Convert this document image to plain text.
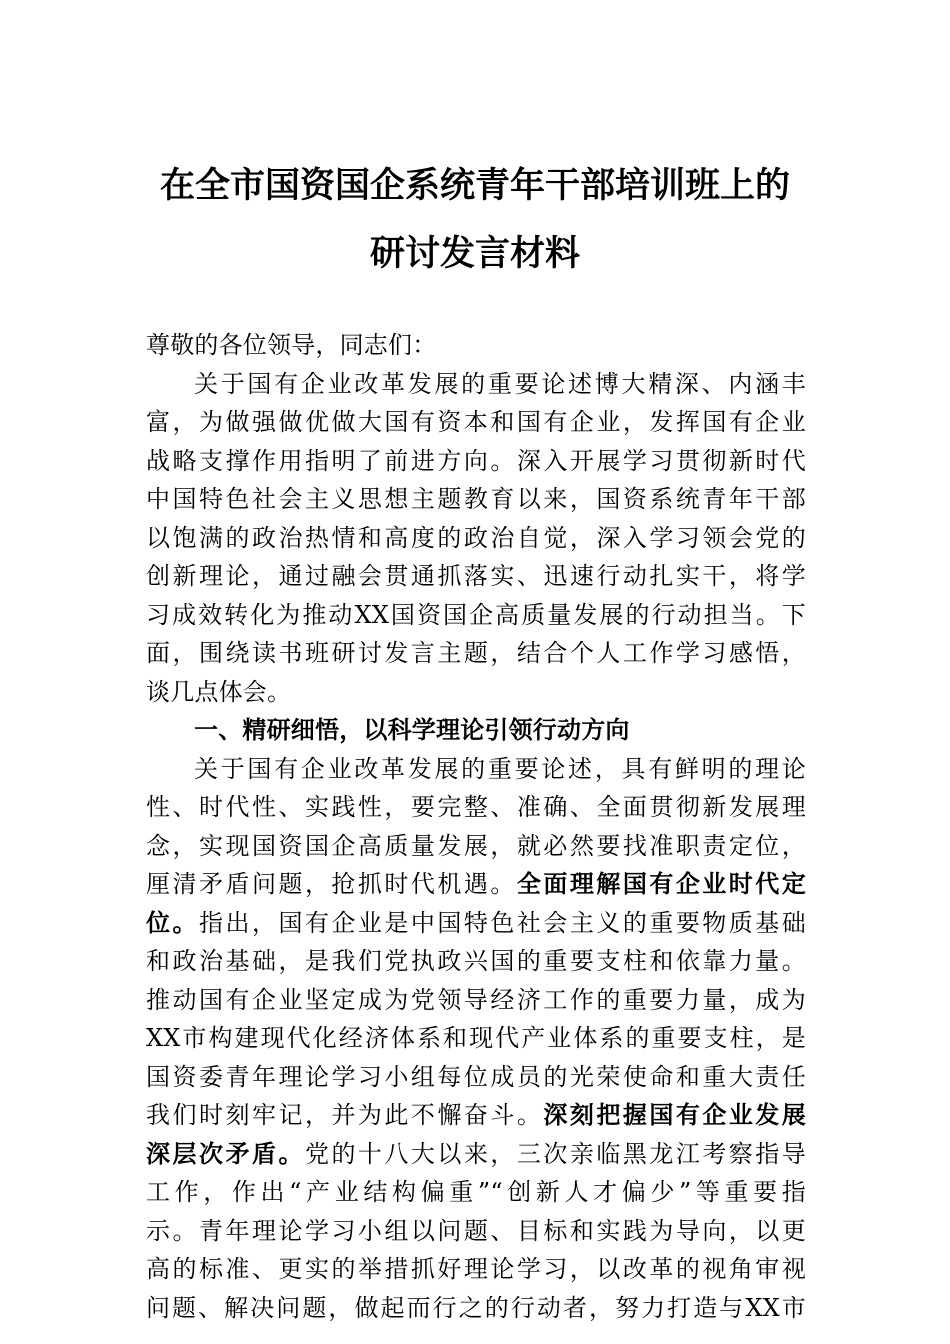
在全市国资国企系统青年干部培训班上的
研讨发言材料
尊敬的各位领导，同志们：
关于国有企业改革发展的重要论述博大精深、内涵丰
富，为做强做优做大国有资本和国有企业，发挥国有企业
战略支撑作用指明了前进方向。深入开展学习贯彻新时代
中国特色社会主义思想主题教育以来，国资系统青年干部
以饱满的政治热情和高度的政治自觉，深入学习领会党的
创新理论，通过融会贯通抓落实、迅速行动扎实干，将学
习成效转化为推动XX国资国企高质量发展的行动担当。下
面，围绕读书班研讨发言主题，结合个人工作学习感悟，
谈几点体会。
一、精研细悟，以科学理论引领行动方向
关于国有企业改革发展的重要论述，具有鲜明的理论
性、时代性、实践性，要完整、准确、全面贯彻新发展理
念，实现国资国企高质量发展，就必然要找准职责定位，
厘清矛盾问题，抢抓时代机遇。全面理解国有企业时代定
位。指出，国有企业是中国特色社会主义的重要物质基础
和政治基础，是我们党执政兴国的重要支柱和依靠力量。
推动国有企业坚定成为党领导经济工作的重要力量，成为
XX市构建现代化经济体系和现代产业体系的重要支柱，是
国资委青年理论学习小组每位成员的光荣使命和重大责任
我们时刻牢记，并为此不懈奋斗。深刻把握国有企业发展
深层次矛盾。党的十八大以来，三次亲临黑龙江考察指导
工作，作出“产业结构偏重”“创新人才偏少”等重要指
示。青年理论学习小组以问题、目标和实践为导向，以更
高的标准、更实的举措抓好理论学习，以改革的视角审视
问题、解决问题，做起而行之的行动者，努力打造与XX市
